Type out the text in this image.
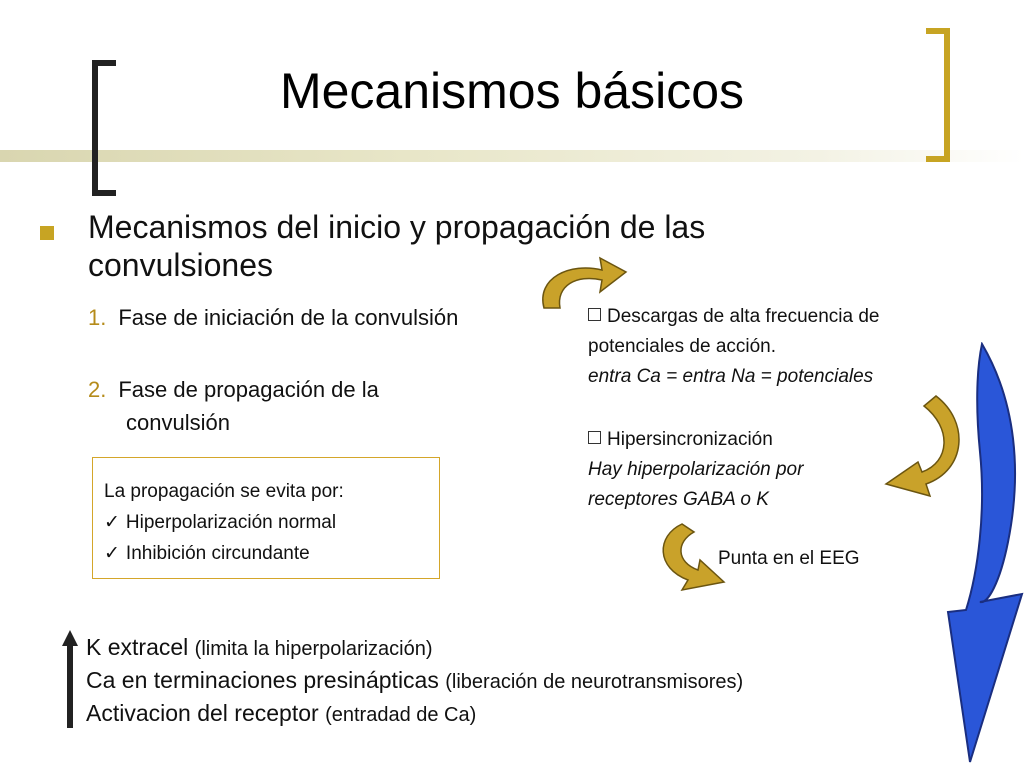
Mecanismos básicos
Mecanismos del inicio y propagación de las
convulsiones
1. Fase de iniciación de la convulsión
2. Fase de propagación de la
convulsión
La propagación se evita por:
✓ Hiperpolarización normal
✓ Inhibición circundante
Descargas de alta frecuencia de
potenciales de acción.
entra Ca = entra Na = potenciales
Hipersincronización
Hay hiperpolarización por
receptores GABA o K
Punta en el EEG
K extracel (limita la hiperpolarización)
Ca en terminaciones presinápticas (liberación de neurotransmisores)
Activacion del receptor (entradad de Ca)
